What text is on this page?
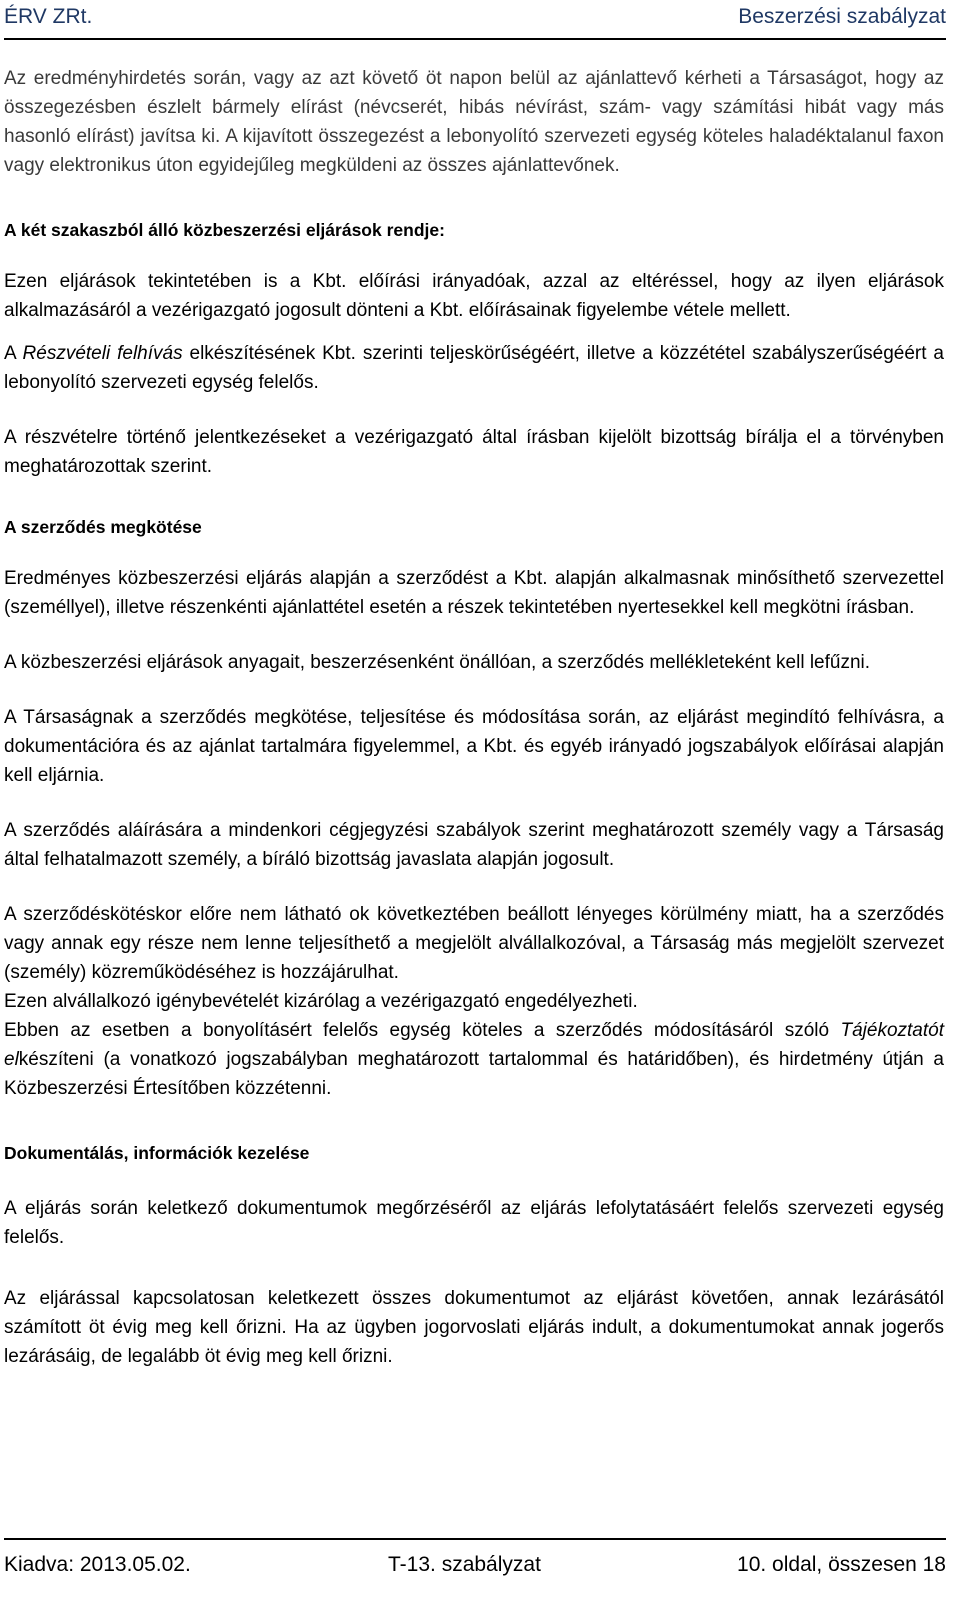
ÉRV ZRt.	Beszerzési szabályzat

Az eredményhirdetés során, vagy az azt követő öt napon belül az ajánlattevő kérheti a Társaságot, hogy az összegezésben észlelt bármely elírást (névcserét, hibás névírást, szám- vagy számítási hibát vagy más hasonló elírást) javítsa ki. A kijavított összegezést a lebonyolító szervezeti egység köteles haladéktalanul faxon vagy elektronikus úton egyidejűleg megküldeni az összes ajánlattevőnek.

A két szakaszból álló közbeszerzési eljárások rendje:

Ezen eljárások tekintetében is a Kbt. előírási irányadóak, azzal az eltéréssel, hogy az ilyen eljárások alkalmazásáról a vezérigazgató jogosult dönteni a Kbt. előírásainak figyelembe vétele mellett.

A Részvételi felhívás elkészítésének Kbt. szerinti teljeskörűségéért, illetve a közzététel szabályszerűségéért a lebonyolító szervezeti egység felelős.

A részvételre történő jelentkezéseket a vezérigazgató által írásban kijelölt bizottság bírálja el a törvényben meghatározottak szerint.

A szerződés megkötése

Eredményes közbeszerzési eljárás alapján a szerződést a Kbt. alapján alkalmasnak minősíthető szervezettel (személlyel), illetve részenkénti ajánlattétel esetén a részek tekintetében nyertesekkel kell megkötni írásban.

A közbeszerzési eljárások anyagait, beszerzésenként önállóan, a szerződés mellékleteként kell lefűzni.

A Társaságnak a szerződés megkötése, teljesítése és módosítása során, az eljárást megindító felhívásra, a dokumentációra és az ajánlat tartalmára figyelemmel, a Kbt. és egyéb irányadó jogszabályok előírásai alapján kell eljárnia.

A szerződés aláírására a mindenkori cégjegyzési szabályok szerint meghatározott személy vagy a Társaság által felhatalmazott személy, a bíráló bizottság javaslata alapján jogosult.

A szerződéskötéskor előre nem látható ok következtében beállott lényeges körülmény miatt, ha a szerződés vagy annak egy része nem lenne teljesíthető a megjelölt alvállalkozóval, a Társaság más megjelölt szervezet (személy) közreműködéséhez is hozzájárulhat.

Ezen alvállalkozó igénybevételét kizárólag a vezérigazgató engedélyezheti.

Ebben az esetben a bonyolításért felelős egység köteles a szerződés módosításáról szóló Tájékoztatót elkészíteni (a vonatkozó jogszabályban meghatározott tartalommal és határidőben), és hirdetmény útján a Közbeszerzési Értesítőben közzétenni.

Dokumentálás, információk kezelése

A eljárás során keletkező dokumentumok megőrzéséről az eljárás lefolytatásáért felelős szervezeti egység felelős.

Az eljárással kapcsolatosan keletkezett összes dokumentumot az eljárást követően, annak lezárásától számított öt évig meg kell őrizni. Ha az ügyben jogorvoslati eljárás indult, a dokumentumokat annak jogerős lezárásáig, de legalább öt évig meg kell őrizni.

Kiadva: 2013.05.02.	T-13. szabályzat	10. oldal, összesen 18
